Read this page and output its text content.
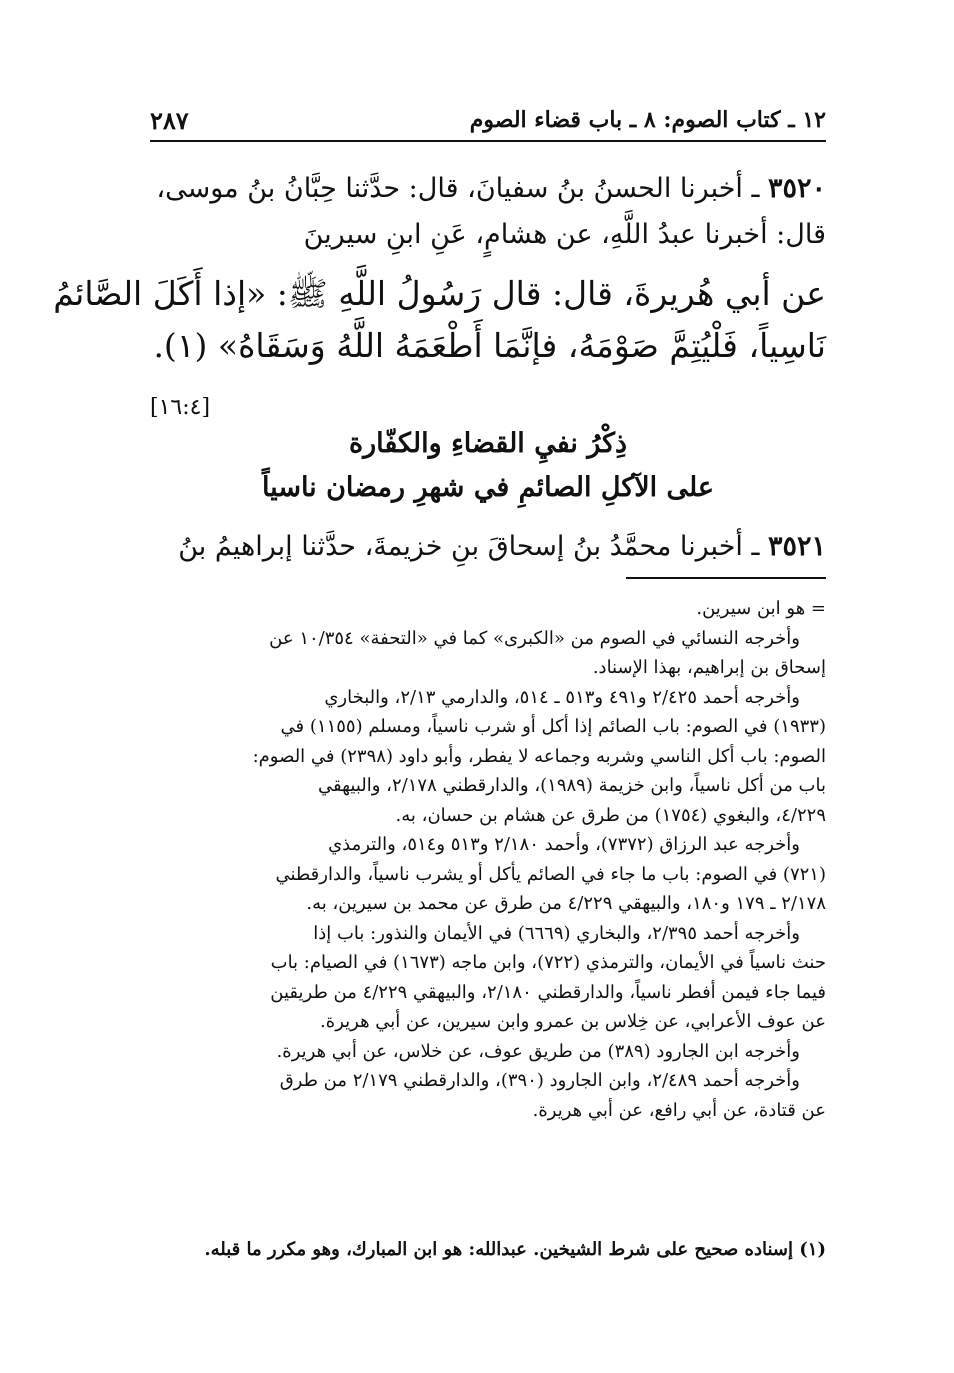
١٢ ـ كتاب الصوم: ٨ ـ باب قضاء الصوم
٢٨٧
٣٥٢٠ ـ أخبرنا الحسنُ بنُ سفيانَ، قال: حدَّثنا حِبَّانُ بنُ موسى،
قال: أخبرنا عبدُ اللَّهِ، عن هشامٍ، عَنِ ابنِ سيرينَ
عن أبي هُريرةَ، قال: قال رَسُولُ اللَّهِ ﷺ: «إذا أَكَلَ الصَّائمُ
نَاسِياً، فَلْيُتِمَّ صَوْمَهُ، فإنَّمَا أَطْعَمَهُ اللَّهُ وَسَقَاهُ» (١).
[١٦:٤]
ذِكْرُ نفيِ القضاءِ والكفّارة
على الآكلِ الصائمِ في شهرِ رمضان ناسياً
٣٥٢١ ـ أخبرنا محمَّدُ بنُ إسحاقَ بنِ خزيمةَ، حدَّثنا إبراهيمُ بنُ
= هو ابن سيرين.
وأخرجه النسائي في الصوم من «الكبرى» كما في «التحفة» ١٠/٣٥٤ عن
إسحاق بن إبراهيم، بهذا الإسناد.
وأخرجه أحمد ٢/٤٢٥ و٤٩١ و٥١٣ ـ ٥١٤، والدارمي ٢/١٣، والبخاري
(١٩٣٣) في الصوم: باب الصائم إذا أكل أو شرب ناسياً، ومسلم (١١٥٥) في
الصوم: باب أكل الناسي وشربه وجماعه لا يفطر، وأبو داود (٢٣٩٨) في الصوم:
باب من أكل ناسياً، وابن خزيمة (١٩٨٩)، والدارقطني ٢/١٧٨، والبيهقي
٤/٢٢٩، والبغوي (١٧٥٤) من طرق عن هشام بن حسان، به.
وأخرجه عبد الرزاق (٧٣٧٢)، وأحمد ٢/١٨٠ و٥١٣ و٥١٤، والترمذي
(٧٢١) في الصوم: باب ما جاء في الصائم يأكل أو يشرب ناسياً، والدارقطني
٢/١٧٨ ـ ١٧٩ و١٨٠، والبيهقي ٤/٢٢٩ من طرق عن محمد بن سيرين، به.
وأخرجه أحمد ٢/٣٩٥، والبخاري (٦٦٦٩) في الأيمان والنذور: باب إذا
حنث ناسياً في الأيمان، والترمذي (٧٢٢)، وابن ماجه (١٦٧٣) في الصيام: باب
فيما جاء فيمن أفطر ناسياً، والدارقطني ٢/١٨٠، والبيهقي ٤/٢٢٩ من طريقين
عن عوف الأعرابي، عن خِلاس بن عمرو وابن سيرين، عن أبي هريرة.
وأخرجه ابن الجارود (٣٨٩) من طريق عوف، عن خلاس، عن أبي هريرة.
وأخرجه أحمد ٢/٤٨٩، وابن الجارود (٣٩٠)، والدارقطني ٢/١٧٩ من طرق
عن قتادة، عن أبي رافع، عن أبي هريرة.
(١) إسناده صحيح على شرط الشيخين. عبدالله: هو ابن المبارك، وهو مكرر ما قبله.
